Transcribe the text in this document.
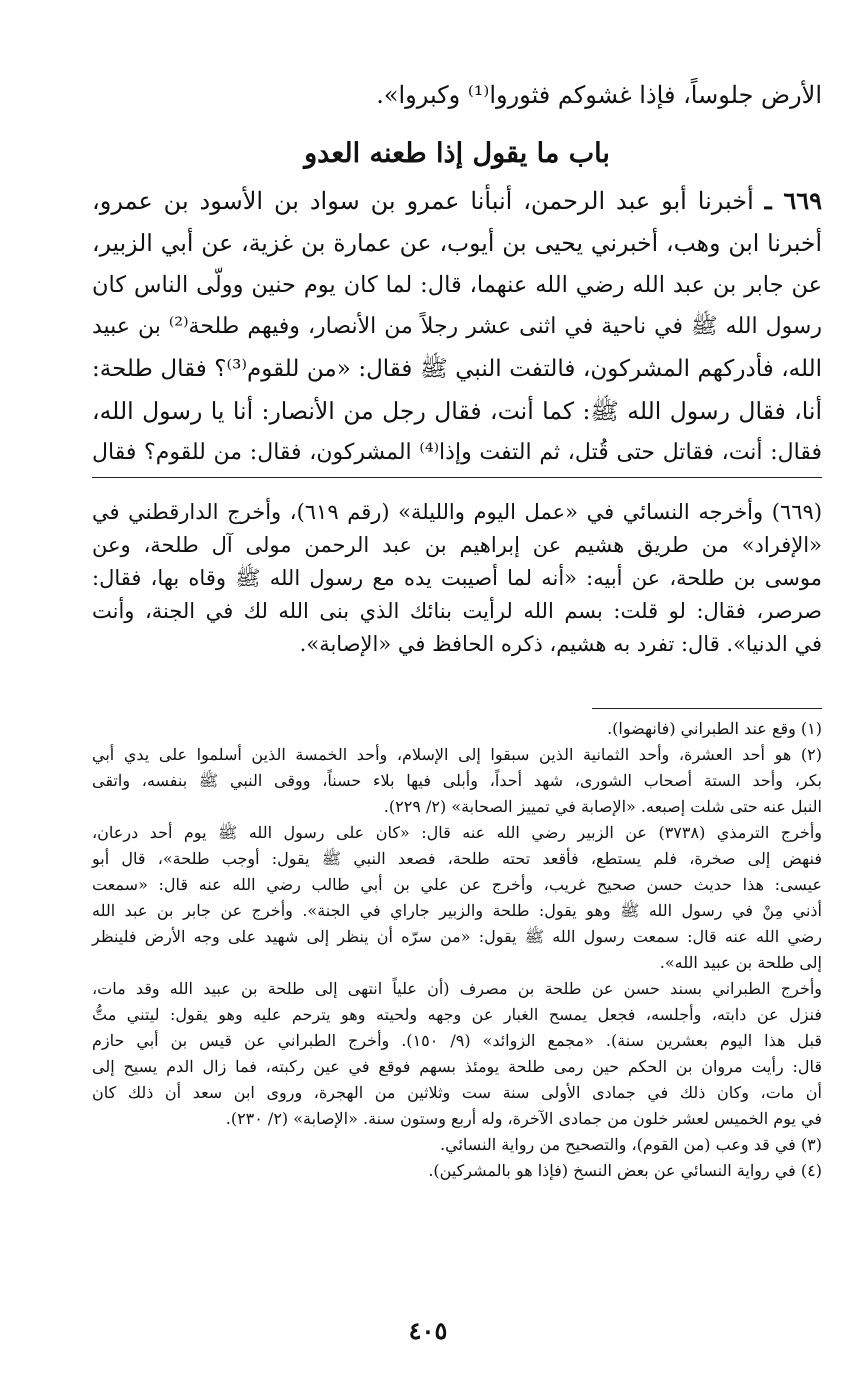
الأرض جلوساً، فإذا غشوكم فثوروا⁽¹⁾ وكبروا».
باب ما يقول إذا طعنه العدو
٦٦٩ ـ أخبرنا أبو عبد الرحمن، أنبأنا عمرو بن سواد بن الأسود بن عمرو،
أخبرنا ابن وهب، أخبرني يحيى بن أيوب، عن عمارة بن غزية، عن أبي الزبير،
عن جابر بن عبد الله رضي الله عنهما، قال: لما كان يوم حنين وولّى الناس كان
رسول الله ﷺ في ناحية في اثنى عشر رجلاً من الأنصار، وفيهم طلحة⁽²⁾ بن عبيد
الله، فأدركهم المشركون، فالتفت النبي ﷺ فقال: «من للقوم⁽³⁾؟ فقال طلحة:
أنا، فقال رسول الله ﷺ: كما أنت، فقال رجل من الأنصار: أنا يا رسول الله،
فقال: أنت، فقاتل حتى قُتل، ثم التفت وإذا⁽⁴⁾ المشركون، فقال: من للقوم؟ فقال
(٦٦٩) وأخرجه النسائي في «عمل اليوم والليلة» (رقم ٦١٩)، وأخرج الدارقطني في
«الإفراد» من طريق هشيم عن إبراهيم بن عبد الرحمن مولى آل طلحة، وعن
موسى بن طلحة، عن أبيه: «أنه لما أصيبت يده مع رسول الله ﷺ وقاه بها، فقال:
صرصر، فقال: لو قلت: بسم الله لرأيت بنائك الذي بنى الله لك في الجنة، وأنت
في الدنيا». قال: تفرد به هشيم، ذكره الحافظ في «الإصابة».
(١) وقع عند الطبراني (فانهضوا).
(٢) هو أحد العشرة، وأحد الثمانية الذين سبقوا إلى الإسلام، وأحد الخمسة الذين أسلموا على يدي أبي
بكر، وأحد الستة أصحاب الشورى، شهد أحداً، وأبلى فيها بلاء حسناً، ووقى النبي ﷺ بنفسه، واتقى
النبل عنه حتى شلت إصبعه. «الإصابة في تمييز الصحابة» (٢/ ٢٢٩).
وأخرج الترمذي (٣٧٣٨) عن الزبير رضي الله عنه قال: «كان على رسول الله ﷺ يوم أحد درعان،
فنهض إلى صخرة، فلم يستطع، فأقعد تحته طلحة، فصعد النبي ﷺ يقول: أوجب طلحة»، قال أبو
عيسى: هذا حديث حسن صحيح غريب، وأخرج عن علي بن أبي طالب رضي الله عنه قال: «سمعت
أذني مِنْ في رسول الله ﷺ وهو يقول: طلحة والزبير جاراي في الجنة». وأخرج عن جابر بن عبد الله
رضي الله عنه قال: سمعت رسول الله ﷺ يقول: «من سرّه أن ينظر إلى شهيد على وجه الأرض فلينظر
إلى طلحة بن عبيد الله».
وأخرج الطبراني بسند حسن عن طلحة بن مصرف (أن علياً انتهى إلى طلحة بن عبيد الله وقد مات،
فنزل عن دابته، وأجلسه، فجعل يمسح الغبار عن وجهه ولحيته وهو يترحم عليه وهو يقول: ليتني متُّ
قبل هذا اليوم بعشرين سنة). «مجمع الزوائد» (٩/ ١٥٠). وأخرج الطبراني عن قيس بن أبي حازم
قال: رأيت مروان بن الحكم حين رمى طلحة يومئذ بسهم فوقع في عين ركبته، فما زال الدم يسيح إلى
أن مات، وكان ذلك في جمادى الأولى سنة ست وثلاثين من الهجرة، وروى ابن سعد أن ذلك كان
في يوم الخميس لعشر خلون من جمادى الآخرة، وله أربع وستون سنة. «الإصابة» (٢/ ٢٣٠).
(٣) في قد وعب (من القوم)، والتصحيح من رواية النسائي.
(٤) في رواية النسائي عن بعض النسخ (فإذا هو بالمشركين).
٤٠٥
